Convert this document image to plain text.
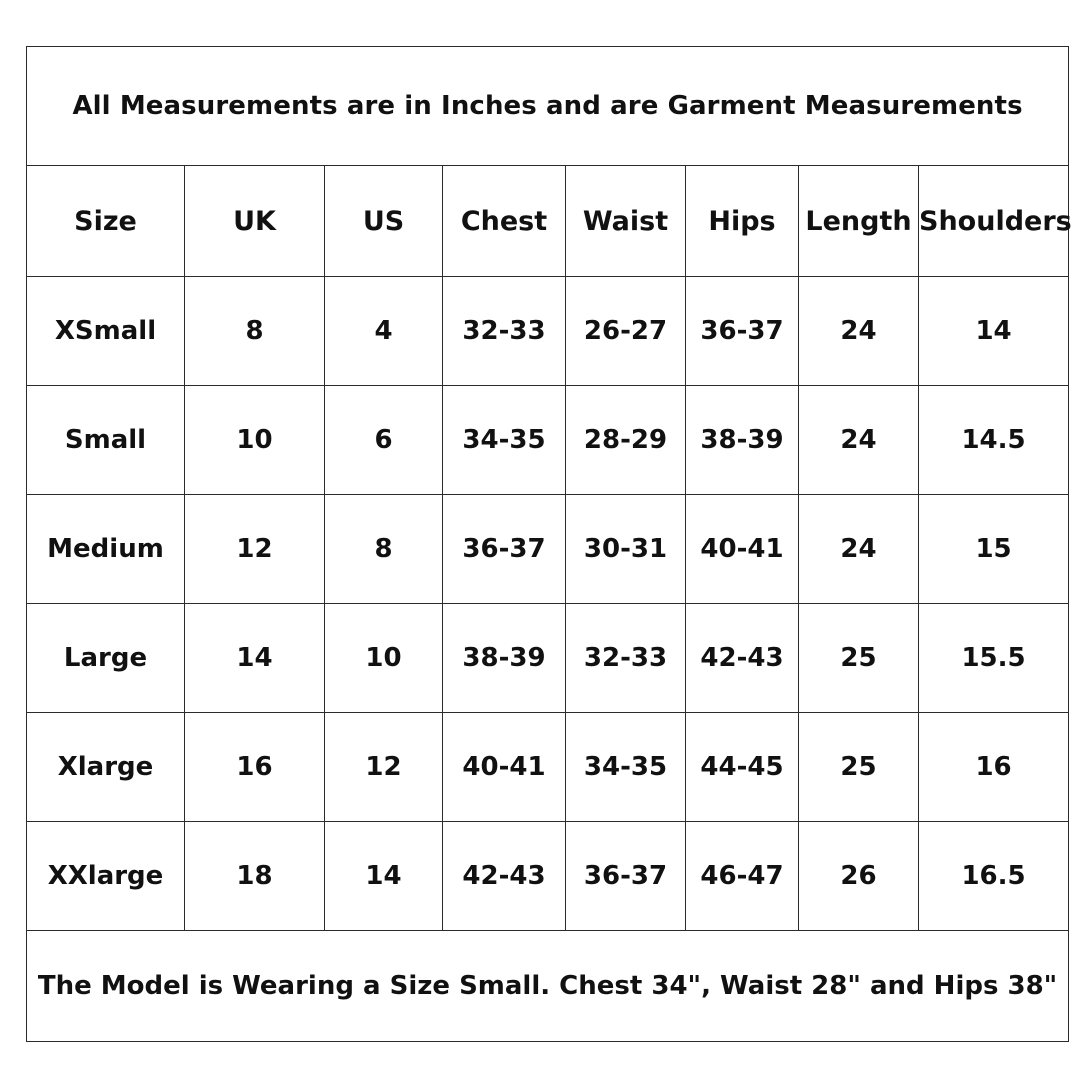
All Measurements are in Inches and are Garment Measurements							
Size	UK	US	Chest	Waist	Hips	Length	Shoulders
XSmall	8	4	32-33	26-27	36-37	24	14
Small	10	6	34-35	28-29	38-39	24	14.5
Medium	12	8	36-37	30-31	40-41	24	15
Large	14	10	38-39	32-33	42-43	25	15.5
Xlarge	16	12	40-41	34-35	44-45	25	16
XXlarge	18	14	42-43	36-37	46-47	26	16.5
The Model is Wearing a Size Small. Chest 34", Waist 28" and Hips 38"							
